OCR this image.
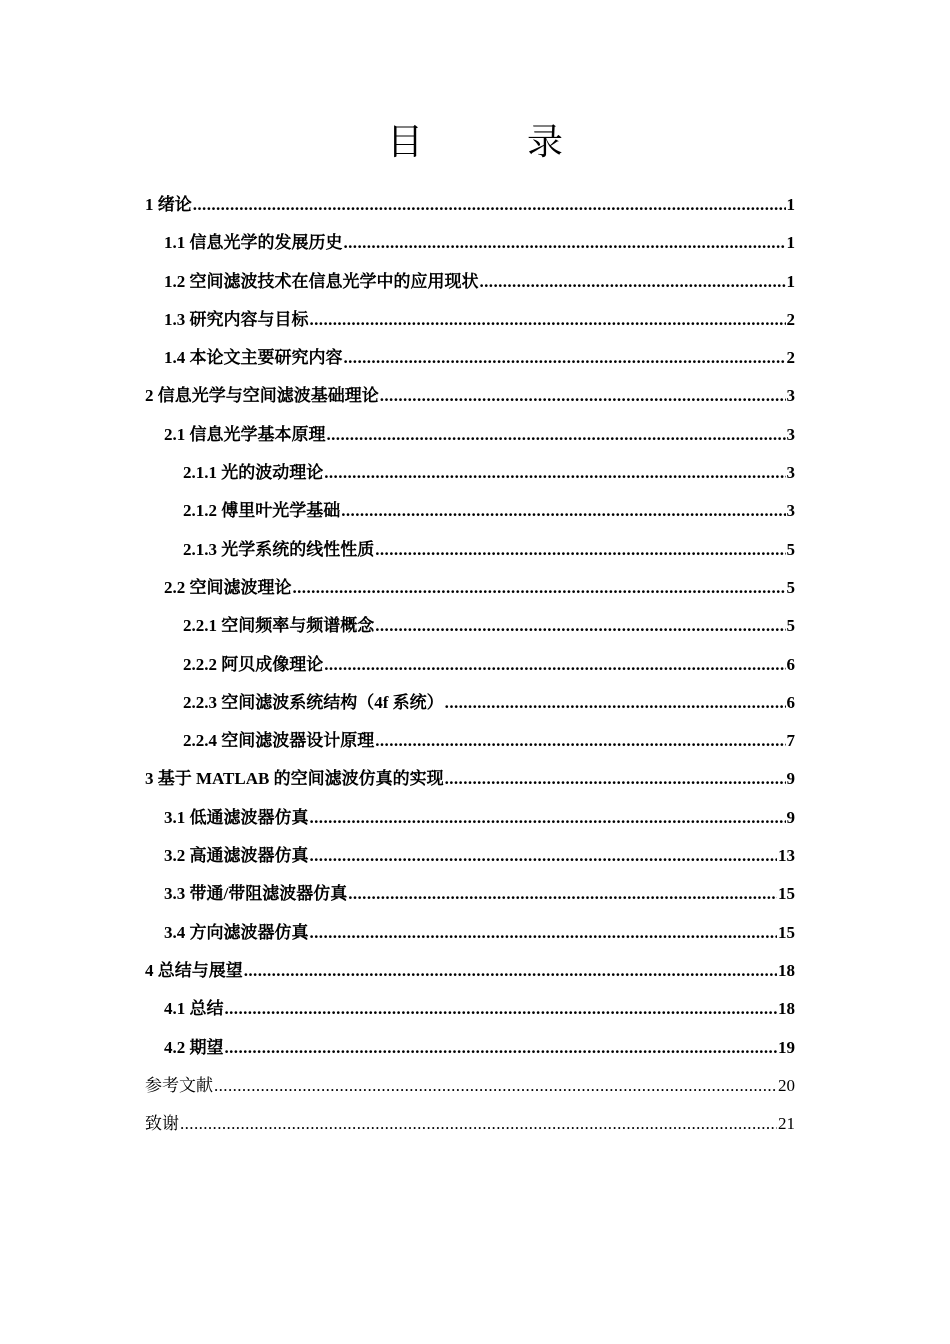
目　录
1 绪论 .....	1
1.1 信息光学的发展历史 .....	1
1.2 空间滤波技术在信息光学中的应用现状 .....	1
1.3 研究内容与目标 .....	2
1.4 本论文主要研究内容 .....	2
2 信息光学与空间滤波基础理论 .....	3
2.1 信息光学基本原理 .....	3
2.1.1 光的波动理论 .....	3
2.1.2 傅里叶光学基础 .....	3
2.1.3 光学系统的线性性质 .....	5
2.2 空间滤波理论 .....	5
2.2.1 空间频率与频谱概念 .....	5
2.2.2 阿贝成像理论 .....	6
2.2.3 空间滤波系统结构（4f 系统） .....	6
2.2.4 空间滤波器设计原理 .....	7
3 基于 MATLAB 的空间滤波仿真的实现 .....	9
3.1 低通滤波器仿真 .....	9
3.2 高通滤波器仿真 .....	13
3.3 带通/带阻滤波器仿真 .....	15
3.4 方向滤波器仿真 .....	15
4 总结与展望 .....	18
4.1 总结 .....	18
4.2 期望 .....	19
参考文献 .....	20
致谢 .....	21
